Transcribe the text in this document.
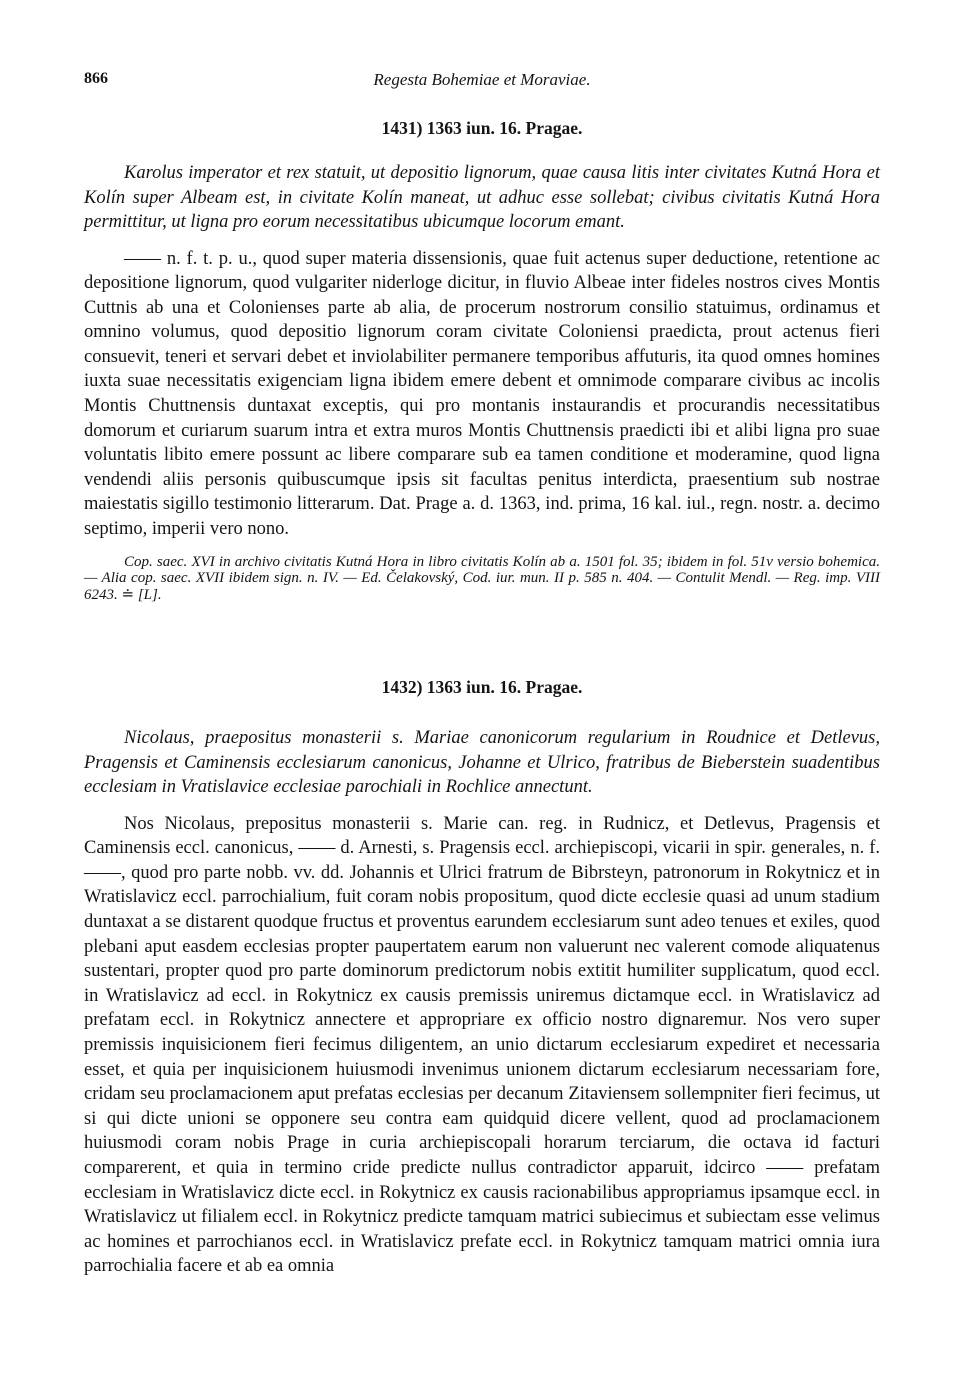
866	Regesta Bohemiae et Moraviae.

1431) 1363 iun. 16. Pragae.

Karolus imperator et rex statuit, ut depositio lignorum, quae causa litis inter civitates Kutná Hora et Kolín super Albeam est, in civitate Kolín maneat, ut adhuc esse sollebat; civibus civitatis Kutná Hora permittitur, ut ligna pro eorum necessitatibus ubicumque locorum emant.

—— n. f. t. p. u., quod super materia dissensionis, quae fuit actenus super deductione, retentione ac depositione lignorum, quod vulgariter niderloge dicitur, in fluvio Albeae inter fideles nostros cives Montis Cuttnis ab una et Colonienses parte ab alia, de procerum nostrorum consilio statuimus, ordinamus et omnino volumus, quod depositio lignorum coram civitate Coloniensi praedicta, prout actenus fieri consuevit, teneri et servari debet et inviolabiliter permanere temporibus affuturis, ita quod omnes homines iuxta suae necessitatis exigenciam ligna ibidem emere debent et omnimode comparare civibus ac incolis Montis Chuttnensis duntaxat exceptis, qui pro montanis instaurandis et procurandis necessitatibus domorum et curiarum suarum intra et extra muros Montis Chuttnensis praedicti ibi et alibi ligna pro suae voluntatis libito emere possunt ac libere comparare sub ea tamen conditione et moderamine, quod ligna vendendi aliis personis quibuscumque ipsis sit facultas penitus interdicta, praesentium sub nostrae maiestatis sigillo testimonio litterarum. Dat. Prage a. d. 1363, ind. prima, 16 kal. iul., regn. nostr. a. decimo septimo, imperii vero nono.

Cop. saec. XVI in archivo civitatis Kutná Hora in libro civitatis Kolín ab a. 1501 fol. 35; ibidem in fol. 51v versio bohemica. — Alia cop. saec. XVII ibidem sign. n. IV. — Ed. Čelakovský, Cod. iur. mun. II p. 585 n. 404. — Contulit Mendl. — Reg. imp. VIII 6243. ≐ [L].

1432) 1363 iun. 16. Pragae.

Nicolaus, praepositus monasterii s. Mariae canonicorum regularium in Roudnice et Detlevus, Pragensis et Caminensis ecclesiarum canonicus, Johanne et Ulrico, fratribus de Bieberstein suadentibus ecclesiam in Vratislavice ecclesiae parochiali in Rochlice annectunt.

Nos Nicolaus, prepositus monasterii s. Marie can. reg. in Rudnicz, et Detlevus, Pragensis et Caminensis eccl. canonicus, —— d. Arnesti, s. Pragensis eccl. archiepiscopi, vicarii in spir. generales, n. f. ——, quod pro parte nobb. vv. dd. Johannis et Ulrici fratrum de Bibrsteyn, patronorum in Rokytnicz et in Wratislavicz eccl. parrochialium, fuit coram nobis propositum, quod dicte ecclesie quasi ad unum stadium duntaxat a se distarent quodque fructus et proventus earundem ecclesiarum sunt adeo tenues et exiles, quod plebani aput easdem ecclesias propter paupertatem earum non valuerunt nec valerent comode aliquatenus sustentari, propter quod pro parte dominorum predictorum nobis extitit humiliter supplicatum, quod eccl. in Wratislavicz ad eccl. in Rokytnicz ex causis premissis uniremus dictamque eccl. in Wratislavicz ad prefatam eccl. in Rokytnicz annectere et appropriare ex officio nostro dignaremur. Nos vero super premissis inquisicionem fieri fecimus diligentem, an unio dictarum ecclesiarum expediret et necessaria esset, et quia per inquisicionem huiusmodi invenimus unionem dictarum ecclesiarum necessariam fore, cridam seu proclamacionem aput prefatas ecclesias per decanum Zitaviensem sollempniter fieri fecimus, ut si qui dicte unioni se opponere seu contra eam quidquid dicere vellent, quod ad proclamacionem huiusmodi coram nobis Prage in curia archiepiscopali horarum terciarum, die octava id facturi comparerent, et quia in termino cride predicte nullus contradictor apparuit, idcirco —— prefatam ecclesiam in Wratislavicz dicte eccl. in Rokytnicz ex causis racionabilibus appropriamus ipsamque eccl. in Wratislavicz ut filialem eccl. in Rokytnicz predicte tamquam matrici subiecimus et subiectam esse velimus ac homines et parrochianos eccl. in Wratislavicz prefate eccl. in Rokytnicz tamquam matrici omnia iura parrochialia facere et ab ea omnia
